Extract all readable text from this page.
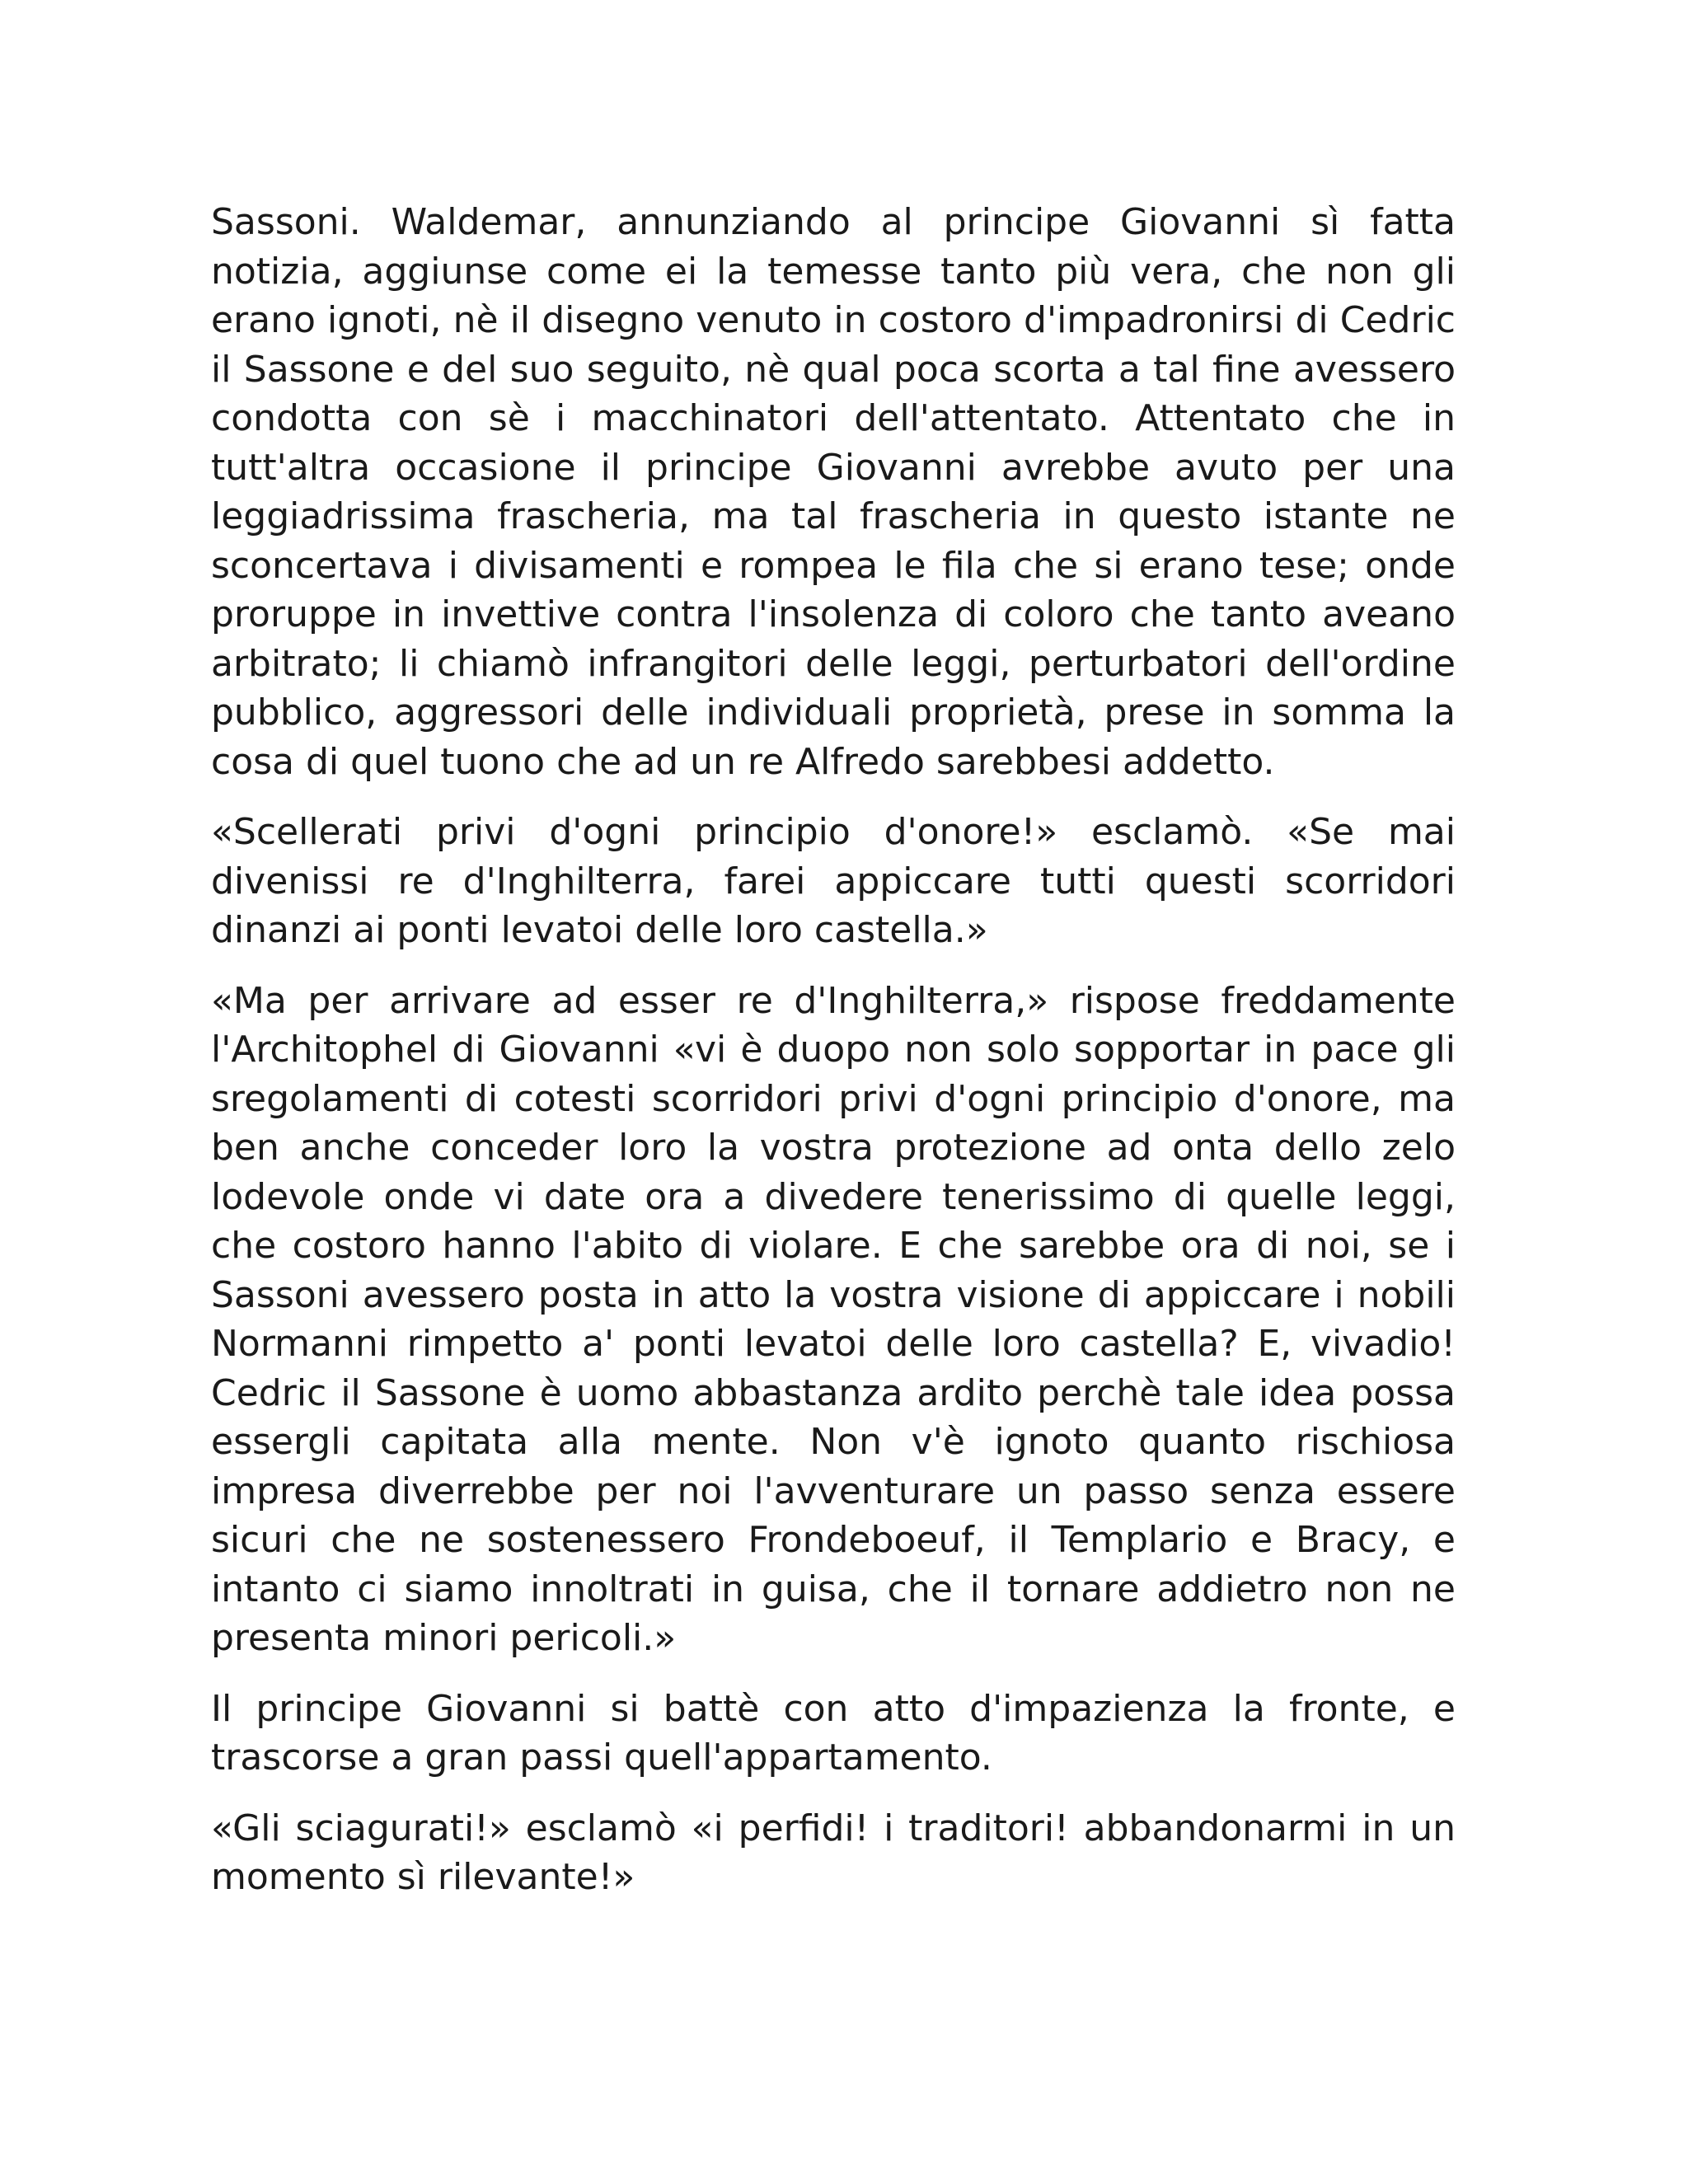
Sassoni. Waldemar, annunziando al principe Giovanni sì fatta notizia, aggiunse come ei la temesse tanto più vera, che non gli erano ignoti, nè il disegno venuto in costoro d'impadronirsi di Cedric il Sassone e del suo seguito, nè qual poca scorta a tal fine avessero condotta con sè i macchinatori dell'attentato. Attentato che in tutt'altra occasione il principe Giovanni avrebbe avuto per una leggiadrissima frascheria, ma tal frascheria in questo istante ne sconcertava i divisamenti e rompea le fila che si erano tese; onde proruppe in invettive contra l'insolenza di coloro che tanto aveano arbitrato; li chiamò infrangitori delle leggi, perturbatori dell'ordine pubblico, aggressori delle individuali proprietà, prese in somma la cosa di quel tuono che ad un re Alfredo sarebbesi addetto.

«Scellerati privi d'ogni principio d'onore!» esclamò. «Se mai divenissi re d'Inghilterra, farei appiccare tutti questi scorridori dinanzi ai ponti levatoi delle loro castella.»

«Ma per arrivare ad esser re d'Inghilterra,» rispose freddamente l'Architophel di Giovanni «vi è duopo non solo sopportar in pace gli sregolamenti di cotesti scorridori privi d'ogni principio d'onore, ma ben anche conceder loro la vostra protezione ad onta dello zelo lodevole onde vi date ora a divedere tenerissimo di quelle leggi, che costoro hanno l'abito di violare. E che sarebbe ora di noi, se i Sassoni avessero posta in atto la vostra visione di appiccare i nobili Normanni rimpetto a' ponti levatoi delle loro castella? E, vivadio! Cedric il Sassone è uomo abbastanza ardito perchè tale idea possa essergli capitata alla mente. Non v'è ignoto quanto rischiosa impresa diverrebbe per noi l'avventurare un passo senza essere sicuri che ne sostenessero Frondeboeuf, il Templario e Bracy, e intanto ci siamo innoltrati in guisa, che il tornare addietro non ne presenta minori pericoli.»

Il principe Giovanni si battè con atto d'impazienza la fronte, e trascorse a gran passi quell'appartamento.

«Gli sciagurati!» esclamò «i perfidi! i traditori! abbandonarmi in un momento sì rilevante!»
